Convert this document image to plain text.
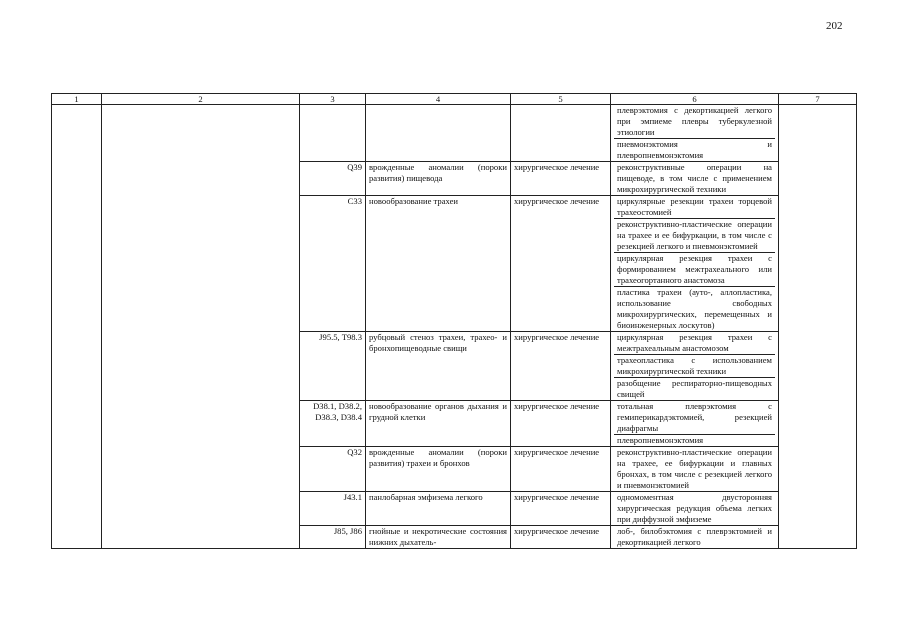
202
1	2	3	4	5	6	7

					плеврэктомия с декортикацией легкого при эмпиеме плевры туберкулезной этиологии
пневмонэктомия и плевропневмонэктомия	

		Q39	врожденные аномалии (пороки развития) пищевода	хирургическое лечение	реконструктивные операции на пищеводе, в том числе с применением микрохирургической техники	

		C33	новообразование трахеи	хирургическое лечение	циркулярные резекции трахеи торцевой трахеостомией
реконструктивно-пластические операции на трахее и ее бифуркации, в том числе с резекцией легкого и пневмонэктомией
циркулярная резекция трахеи с формированием межтрахеального или трахеогортанного анастомоза
пластика трахеи (ауто-, аллопластика, использование свободных микрохирургических, перемещенных и биоинженерных лоскутов)	

		J95.5, T98.3	рубцовый стеноз трахеи, трахео- и бронхопищеводные свищи	хирургическое лечение	циркулярная резекция трахеи с межтрахеальным анастомозом
трахеопластика с использованием микрохирургической техники
разобщение респираторно-пищеводных свищей	

		D38.1, D38.2, D38.3, D38.4	новообразование органов дыхания и грудной клетки	хирургическое лечение	тотальная плеврэктомия с гемиперикардэктомией, резекцией диафрагмы
плевропневмонэктомия	

		Q32	врожденные аномалии (пороки развития) трахеи и бронхов	хирургическое лечение	реконструктивно-пластические операции на трахее, ее бифуркации и главных бронхах, в том числе с резекцией легкого и пневмонэктомией	

		J43.1	панлобарная эмфизема легкого	хирургическое лечение	одномоментная двусторонняя хирургическая редукция объема легких при диффузной эмфиземе	

		J85, J86	гнойные и некротические состояния нижних дыхатель-	хирургическое лечение	лоб-, билобэктомия с плеврэктомией и декортикацией легкого	
